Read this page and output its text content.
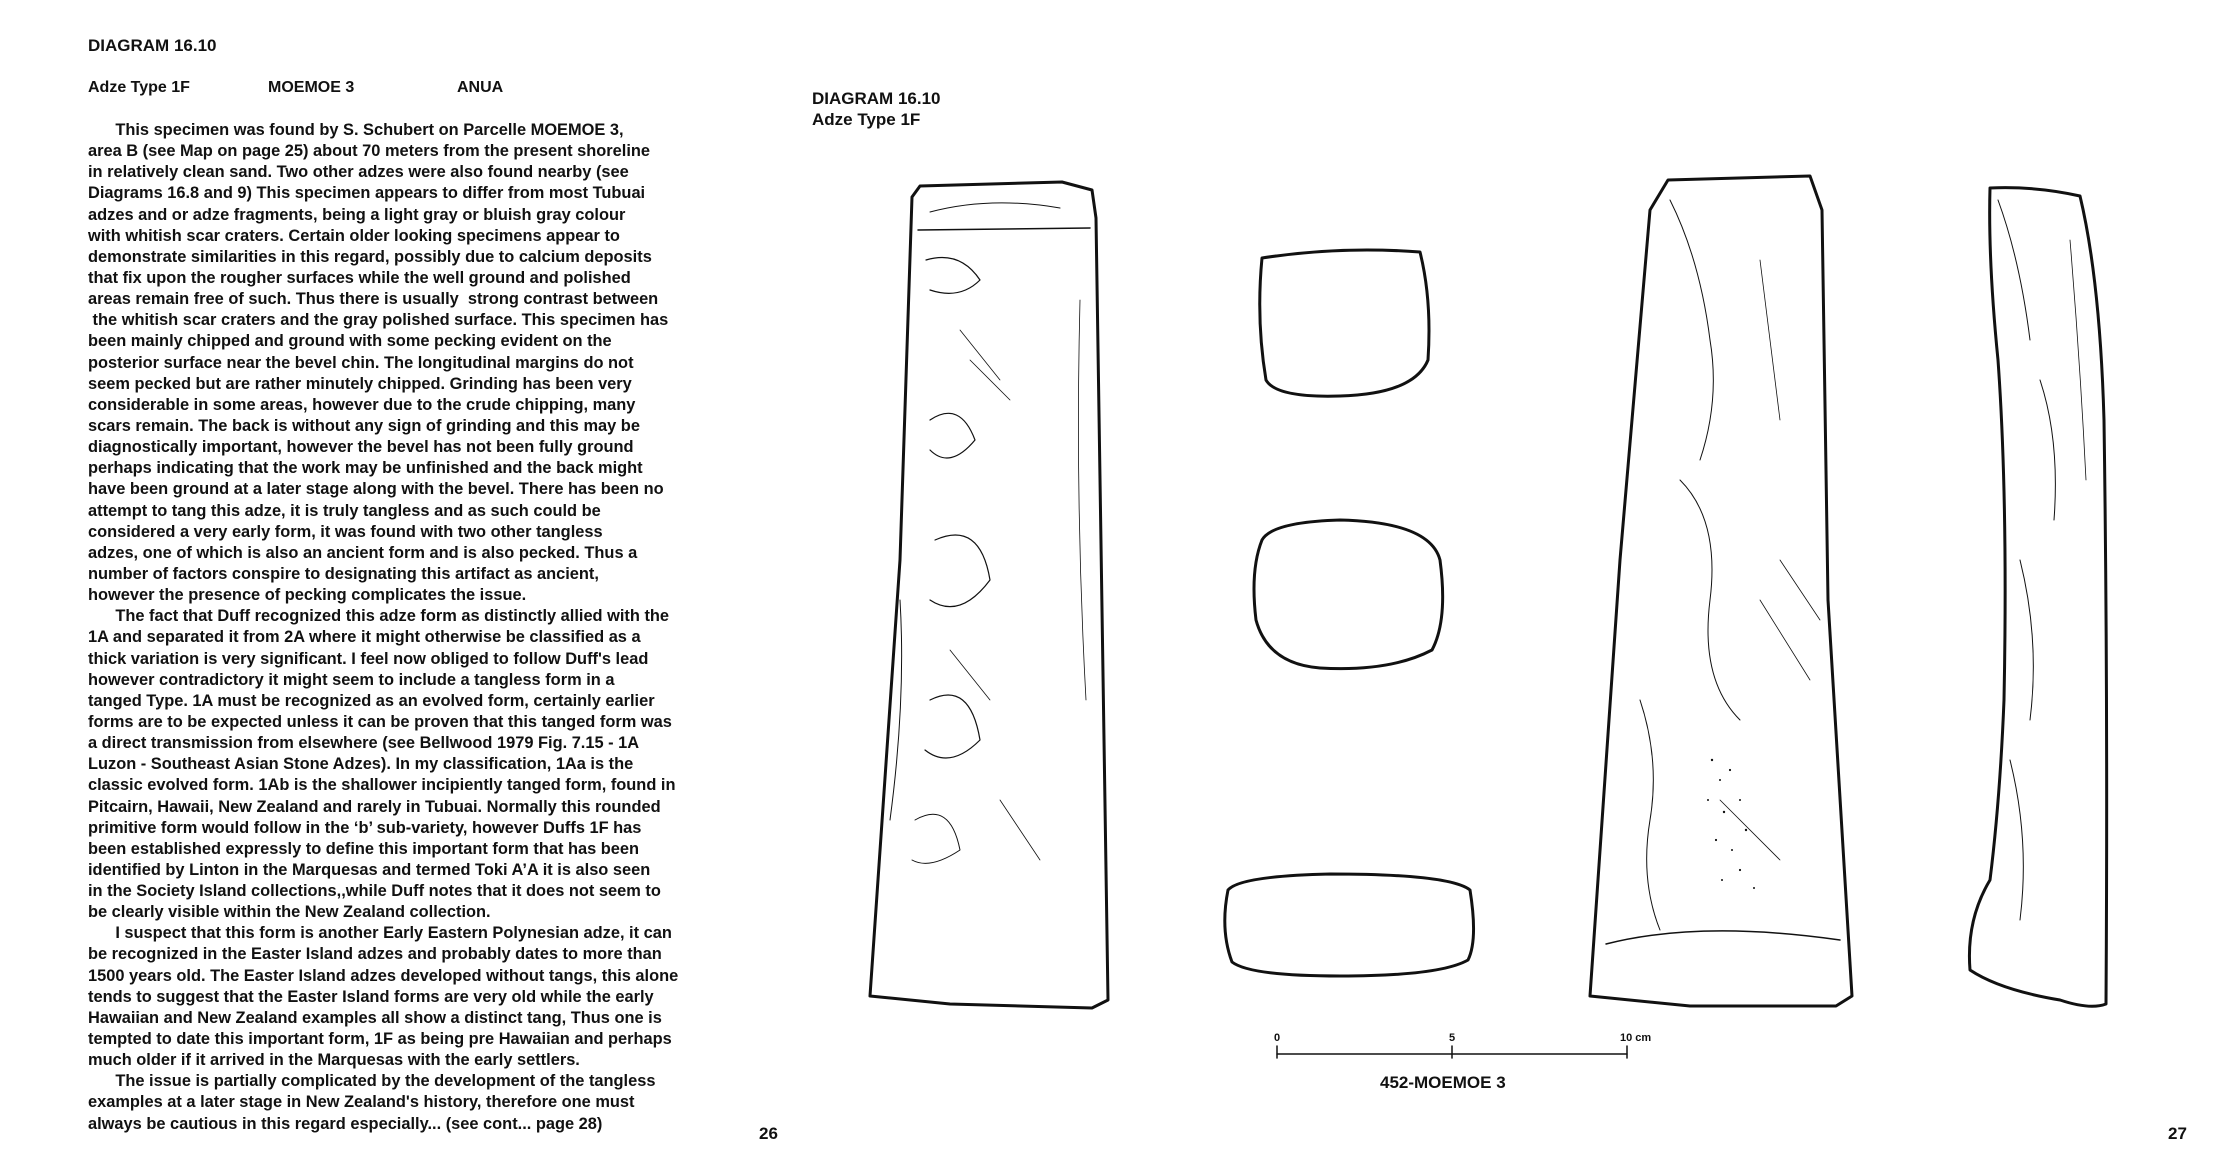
DIAGRAM 16.10
Adze Type 1F	MOEMOE 3	ANUA
This specimen was found by S. Schubert on Parcelle MOEMOE 3,
area B (see Map on page 25) about 70 meters from the present shoreline
in relatively clean sand. Two other adzes were also found nearby (see
Diagrams 16.8 and 9) This specimen appears to differ from most Tubuai
adzes and or adze fragments, being a light gray or bluish gray colour
with whitish scar craters. Certain older looking specimens appear to
demonstrate similarities in this regard, possibly due to calcium deposits
that fix upon the rougher surfaces while the well ground and polished
areas remain free of such. Thus there is usually  strong contrast between
the whitish scar craters and the gray polished surface. This specimen has
been mainly chipped and ground with some pecking evident on the
posterior surface near the bevel chin. The longitudinal margins do not
seem pecked but are rather minutely chipped. Grinding has been very
considerable in some areas, however due to the crude chipping, many
scars remain. The back is without any sign of grinding and this may be
diagnostically important, however the bevel has not been fully ground
perhaps indicating that the work may be unfinished and the back might
have been ground at a later stage along with the bevel. There has been no
attempt to tang this adze, it is truly tangless and as such could be
considered a very early form, it was found with two other tangless
adzes, one of which is also an ancient form and is also pecked. Thus a
number of factors conspire to designating this artifact as ancient,
however the presence of pecking complicates the issue.
The fact that Duff recognized this adze form as distinctly allied with the
1A and separated it from 2A where it might otherwise be classified as a
thick variation is very significant. I feel now obliged to follow Duff's lead
however contradictory it might seem to include a tangless form in a
tanged Type. 1A must be recognized as an evolved form, certainly earlier
forms are to be expected unless it can be proven that this tanged form was
a direct transmission from elsewhere (see Bellwood 1979 Fig. 7.15 - 1A
Luzon - Southeast Asian Stone Adzes). In my classification, 1Aa is the
classic evolved form. 1Ab is the shallower incipiently tanged form, found in
Pitcairn, Hawaii, New Zealand and rarely in Tubuai. Normally this rounded
primitive form would follow in the ‘b’ sub-variety, however Duffs 1F has
been established expressly to define this important form that has been
identified by Linton in the Marquesas and termed Toki A’A it is also seen
in the Society Island collections,,while Duff notes that it does not seem to
be clearly visible within the New Zealand collection.
I suspect that this form is another Early Eastern Polynesian adze, it can
be recognized in the Easter Island adzes and probably dates to more than
1500 years old. The Easter Island adzes developed without tangs, this alone
tends to suggest that the Easter Island forms are very old while the early
Hawaiian and New Zealand examples all show a distinct tang, Thus one is
tempted to date this important form, 1F as being pre Hawaiian and perhaps
much older if it arrived in the Marquesas with the early settlers.
The issue is partially complicated by the development of the tangless
examples at a later stage in New Zealand's history, therefore one must
always be cautious in this regard especially... (see cont... page 28)
26
DIAGRAM 16.10
Adze Type 1F
0	5	10 cm
452-MOEMOE 3
27
